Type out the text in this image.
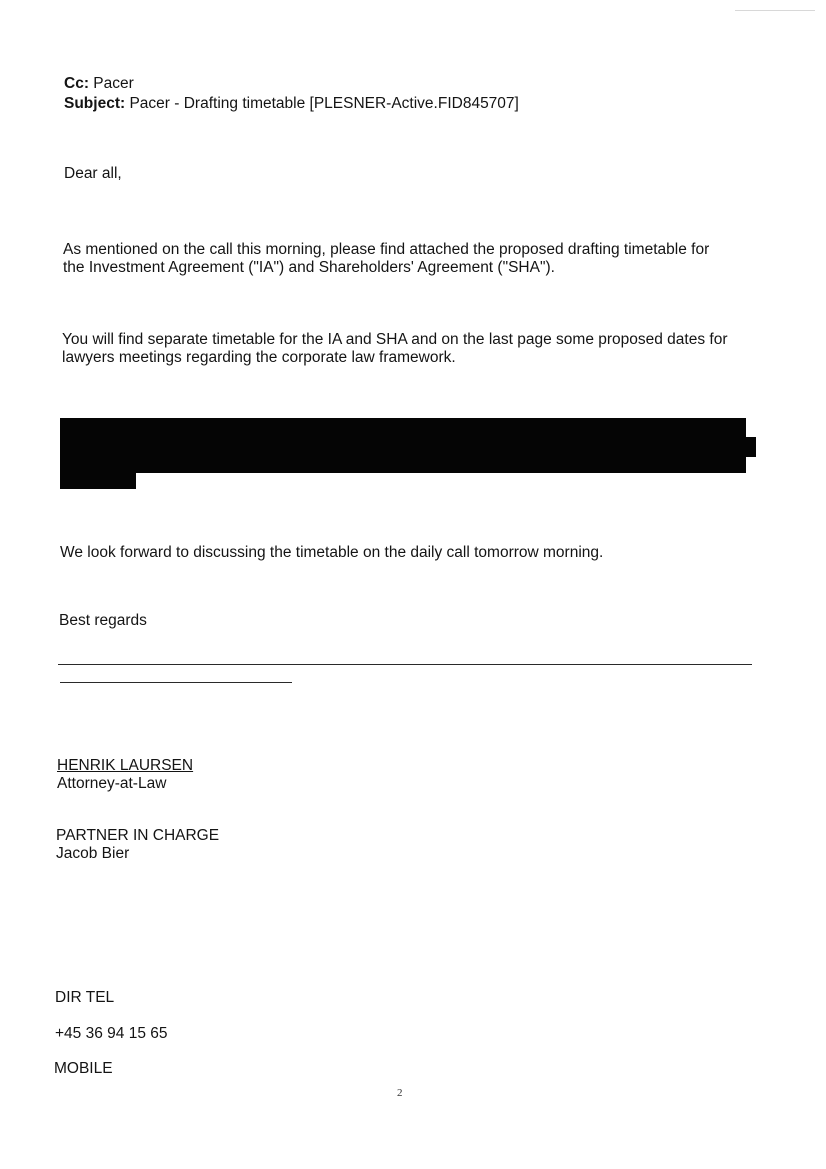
Cc: Pacer
Subject: Pacer - Drafting timetable [PLESNER-Active.FID845707]
Dear all,
As mentioned on the call this morning, please find attached the proposed drafting timetable for
the Investment Agreement ("IA") and Shareholders' Agreement ("SHA").
You will find separate timetable for the IA and SHA and on the last page some proposed dates for
lawyers meetings regarding the corporate law framework.
We look forward to discussing the timetable on the daily call tomorrow morning.
Best regards
HENRIK LAURSEN
Attorney-at-Law
PARTNER IN CHARGE
Jacob Bier
DIR TEL
+45 36 94 15 65
MOBILE
2
